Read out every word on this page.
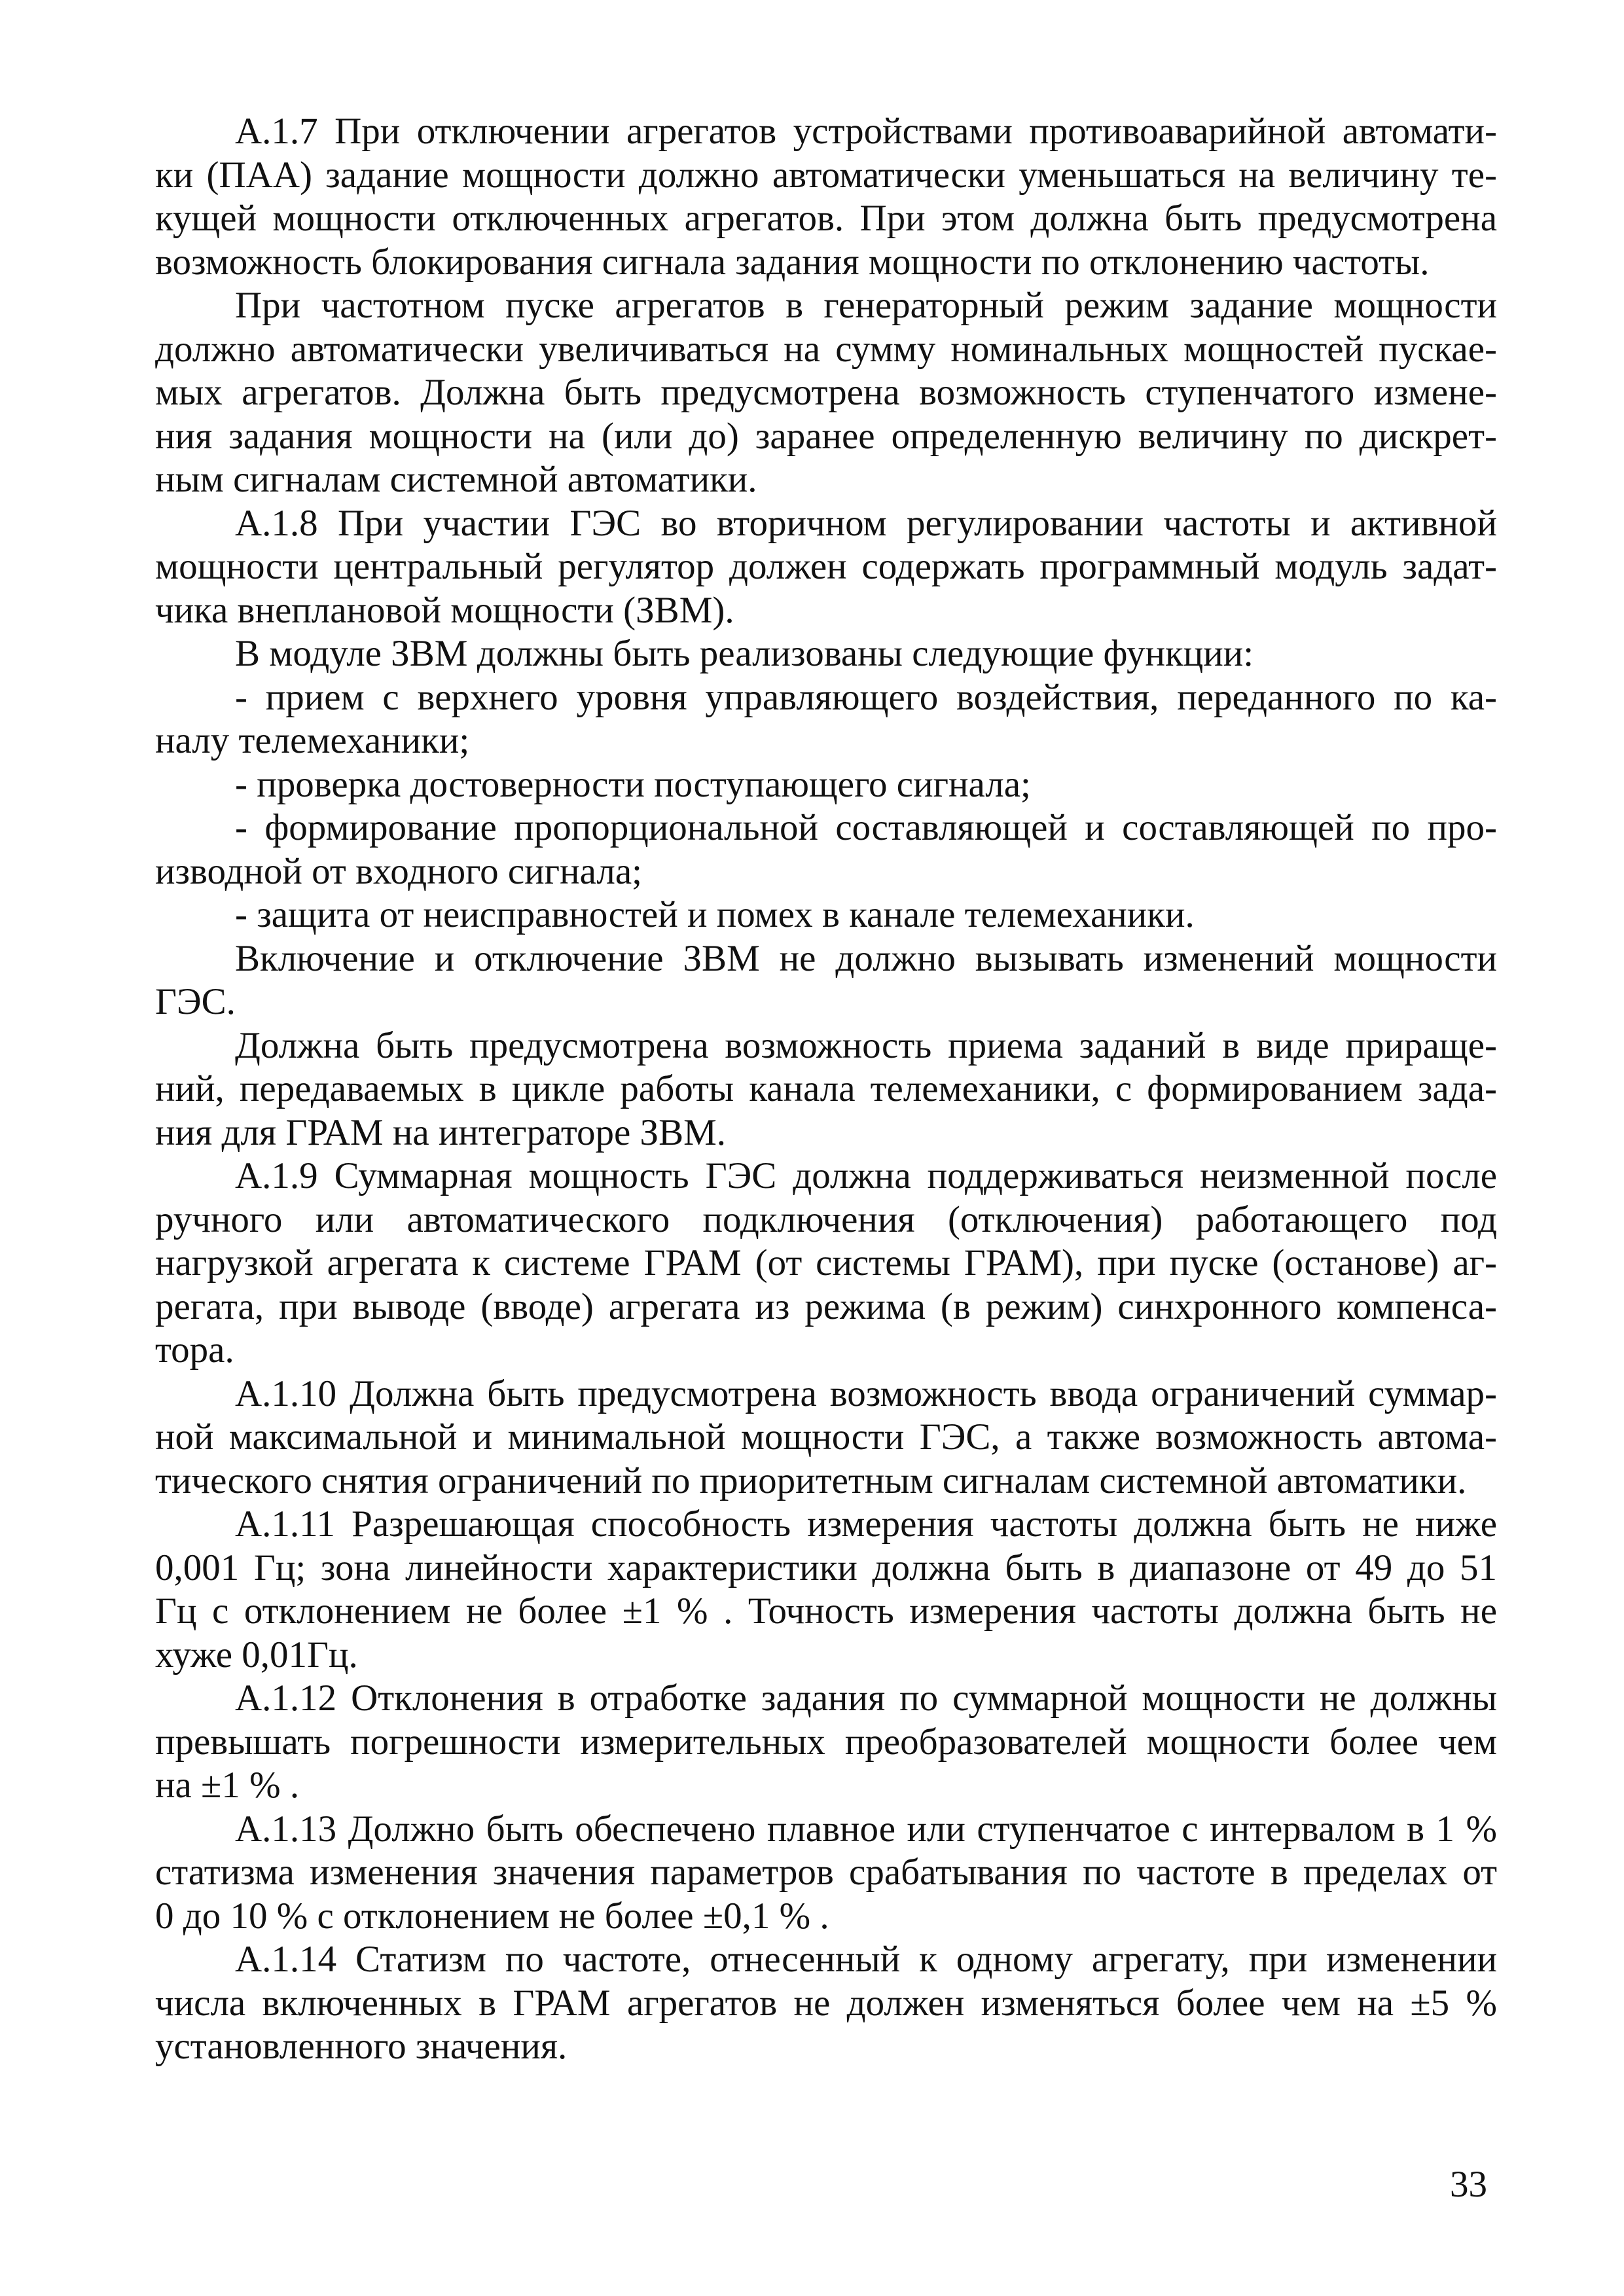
А.1.7 При отключении агрегатов устройствами противоаварийной автомати-
ки (ПАА) задание мощности должно автоматически уменьшаться на величину те-
кущей мощности отключенных агрегатов. При этом должна быть предусмотрена
возможность блокирования сигнала задания мощности по отклонению частоты.

При частотном пуске агрегатов в генераторный режим задание мощности
должно автоматически увеличиваться на сумму номинальных мощностей пускае-
мых агрегатов. Должна быть предусмотрена возможность ступенчатого измене-
ния задания мощности на (или до) заранее определенную величину по дискрет-
ным сигналам системной автоматики.

А.1.8 При участии ГЭС во вторичном регулировании частоты и активной
мощности центральный регулятор должен содержать программный модуль задат-
чика внеплановой мощности (ЗВМ).

В модуле ЗВМ должны быть реализованы следующие функции:

- прием с верхнего уровня управляющего воздействия, переданного по ка-
налу телемеханики;

- проверка достоверности поступающего сигнала;

- формирование пропорциональной составляющей и составляющей по про-
изводной от входного сигнала;

- защита от неисправностей и помех в канале телемеханики.

Включение и отключение ЗВМ не должно вызывать изменений мощности
ГЭС.

Должна быть предусмотрена возможность приема заданий в виде прираще-
ний, передаваемых в цикле работы канала телемеханики, с формированием зада-
ния для ГРАМ на интеграторе ЗВМ.

А.1.9 Суммарная мощность ГЭС должна поддерживаться неизменной после
ручного или автоматического подключения (отключения) работающего под
нагрузкой агрегата к системе ГРАМ (от системы ГРАМ), при пуске (останове) аг-
регата, при выводе (вводе) агрегата из режима (в режим) синхронного компенса-
тора.

А.1.10 Должна быть предусмотрена возможность ввода ограничений суммар-
ной максимальной и минимальной мощности ГЭС, а также возможность автома-
тического снятия ограничений по приоритетным сигналам системной автоматики.

А.1.11 Разрешающая способность измерения частоты должна быть не ниже
0,001 Гц; зона линейности характеристики должна быть в диапазоне от 49 до 51
Гц с отклонением не более ±1 % . Точность измерения частоты должна быть не
хуже 0,01Гц.

А.1.12 Отклонения в отработке задания по суммарной мощности не должны
превышать погрешности измерительных преобразователей мощности более чем
на ±1 % .

А.1.13 Должно быть обеспечено плавное или ступенчатое с интервалом в 1 %
статизма изменения значения параметров срабатывания по частоте в пределах от
0 до 10 % с отклонением не более ±0,1 % .

А.1.14 Статизм по частоте, отнесенный к одному агрегату, при изменении
числа включенных в ГРАМ агрегатов не должен изменяться более чем на ±5 %
установленного значения.

33
